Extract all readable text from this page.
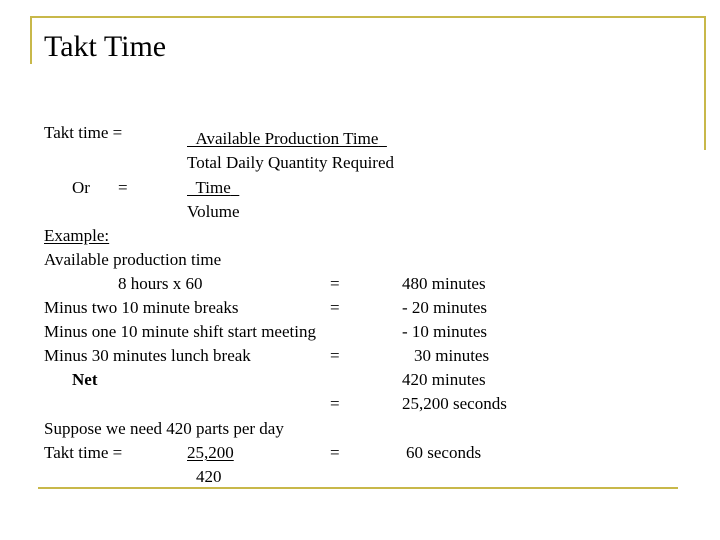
Takt Time
Takt time =	Available Production Time
Total Daily Quantity Required
Or =	Time
Volume
Example:
Available production time
8 hours x 60	=	480 minutes
Minus two 10 minute breaks	=	- 20 minutes
Minus one 10 minute shift start meeting	- 10 minutes
Minus 30 minutes lunch break	=	30 minutes
Net	420 minutes
=	25,200 seconds
Suppose we need 420 parts per day
Takt time =	25,200	=	60 seconds
420
